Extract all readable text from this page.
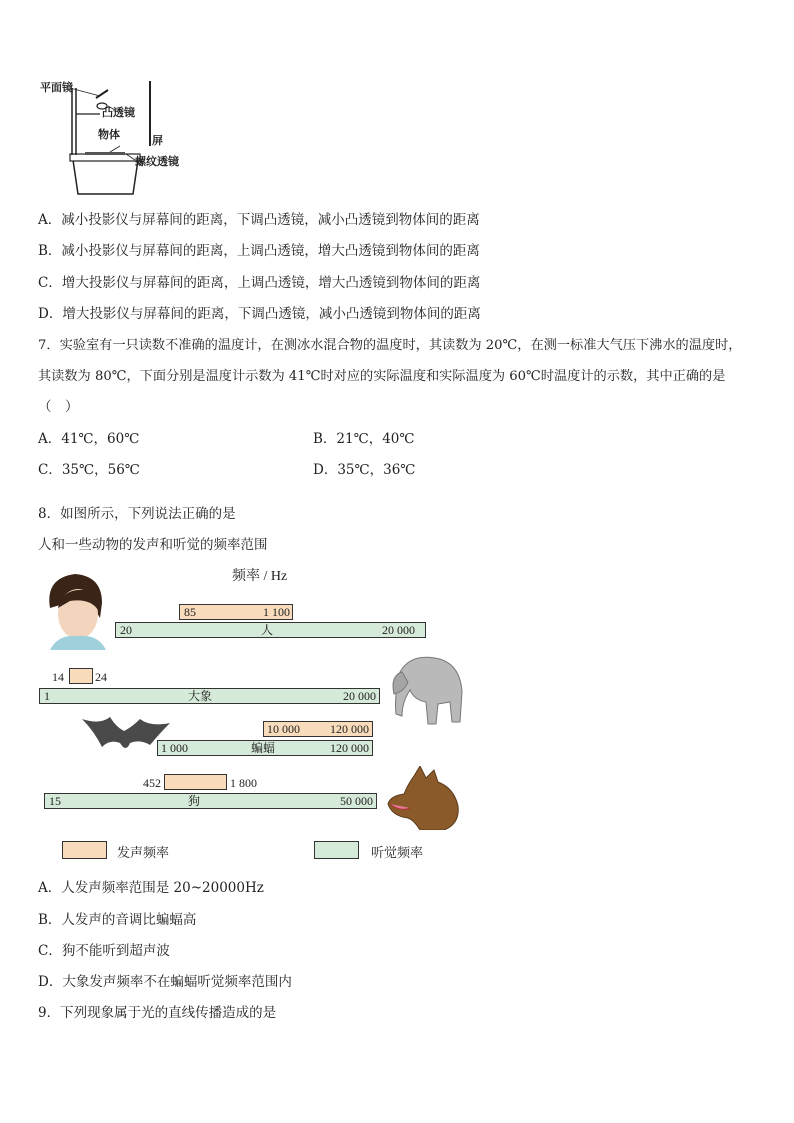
平面镜
凸透镜
物体	屏
螺纹透镜
A．减小投影仪与屏幕间的距离，下调凸透镜，减小凸透镜到物体间的距离
B．减小投影仪与屏幕间的距离，上调凸透镜，增大凸透镜到物体间的距离
C．增大投影仪与屏幕间的距离，上调凸透镜，增大凸透镜到物体间的距离
D．增大投影仪与屏幕间的距离，下调凸透镜，减小凸透镜到物体间的距离
7．实验室有一只读数不准确的温度计，在测冰水混合物的温度时，其读数为 20℃，在测一标准大气压下沸水的温度时，
其读数为 80℃，下面分别是温度计示数为 41℃时对应的实际温度和实际温度为 60℃时温度计的示数，其中正确的是
（　）
A．41℃，60℃	B．21℃，40℃
C．35℃，56℃	D．35℃，36℃
8．如图所示，下列说法正确的是
人和一些动物的发声和听觉的频率范围
频率 / Hz
85	1 100
20	人	20 000
14	24
1	大象	20 000
10 000	120 000
1 000	蝙蝠	120 000
452	1 800
15	狗	50 000
发声频率	听觉频率
A．人发声频率范围是 20~20000Hz
B．人发声的音调比蝙蝠高
C．狗不能听到超声波
D．大象发声频率不在蝙蝠听觉频率范围内
9．下列现象属于光的直线传播造成的是
